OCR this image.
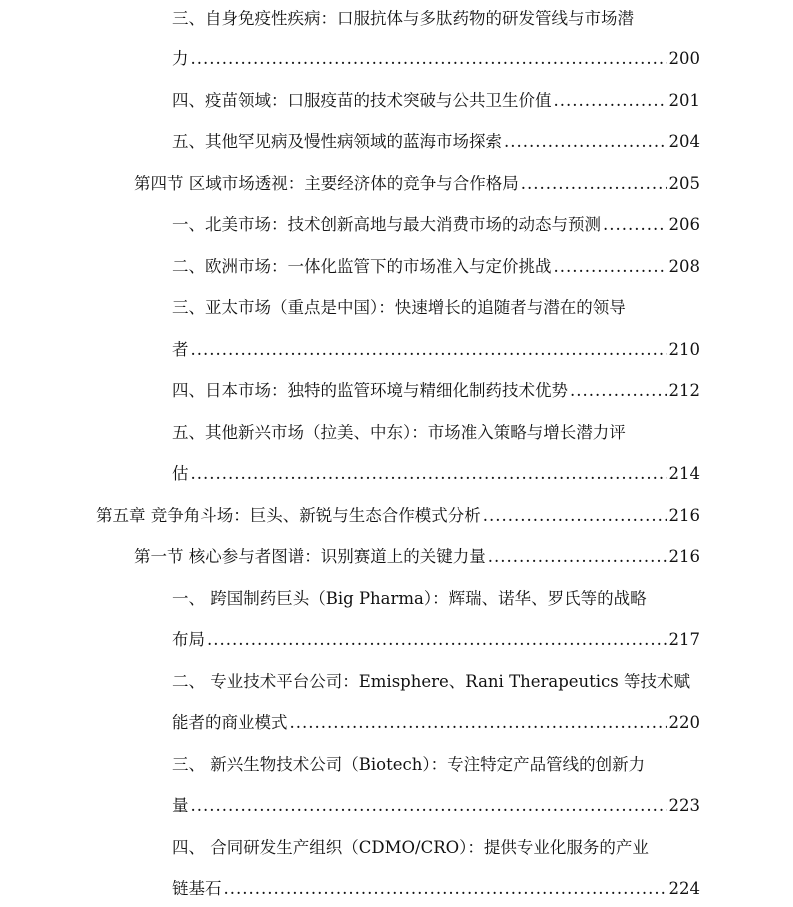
三、自身免疫性疾病：口服抗体与多肽药物的研发管线与市场潜
力 .....	200
四、疫苗领域：口服疫苗的技术突破与公共卫生价值 .....	201
五、其他罕见病及慢性病领域的蓝海市场探索 .....	204
第四节 区域市场透视：主要经济体的竞争与合作格局 .....	205
一、北美市场：技术创新高地与最大消费市场的动态与预测 .....	206
二、欧洲市场：一体化监管下的市场准入与定价挑战 .....	208
三、亚太市场（重点是中国）：快速增长的追随者与潜在的领导
者 .....	210
四、日本市场：独特的监管环境与精细化制药技术优势 .....	212
五、其他新兴市场（拉美、中东）：市场准入策略与增长潜力评
估 .....	214
第五章 竞争角斗场：巨头、新锐与生态合作模式分析 .....	216
第一节 核心参与者图谱：识别赛道上的关键力量 .....	216
一、 跨国制药巨头（Big Pharma）：辉瑞、诺华、罗氏等的战略
布局 .....	217
二、 专业技术平台公司：Emisphere、Rani Therapeutics 等技术赋
能者的商业模式 .....	220
三、 新兴生物技术公司（Biotech）：专注特定产品管线的创新力
量 .....	223
四、 合同研发生产组织（CDMO/CRO）：提供专业化服务的产业
链基石 .....	224
